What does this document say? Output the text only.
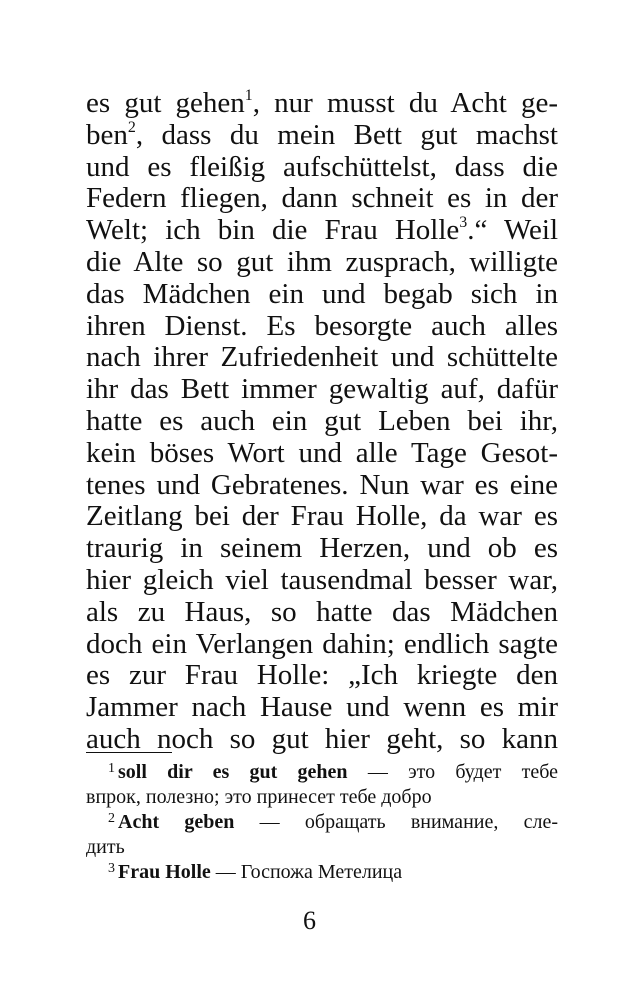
es gut gehen$^1$, nur musst du Acht ge-
ben$^2$, dass du mein Bett gut machst
und es fleißig aufschüttelst, dass die
Federn fliegen, dann schneit es in der
Welt; ich bin die Frau Holle$^3$.“ Weil
die Alte so gut ihm zusprach, willigte
das Mädchen ein und begab sich in
ihren Dienst. Es besorgte auch alles
nach ihrer Zufriedenheit und schüttelte
ihr das Bett immer gewaltig auf, dafür
hatte es auch ein gut Leben bei ihr,
kein böses Wort und alle Tage Gesot-
tenes und Gebratenes. Nun war es eine
Zeitlang bei der Frau Holle, da war es
traurig in seinem Herzen, und ob es
hier gleich viel tausendmal besser war,
als zu Haus, so hatte das Mädchen
doch ein Verlangen dahin; endlich sagte
es zur Frau Holle: „Ich kriegte den
Jammer nach Hause und wenn es mir
auch noch so gut hier geht, so kann
$^1$ soll dir es gut gehen — это будет тебе
впрок, полезно; это принесет тебе добро
$^2$ Acht geben — обращать внимание, сле-
дить
$^3$ Frau Holle — Госпожа Метелица
6
